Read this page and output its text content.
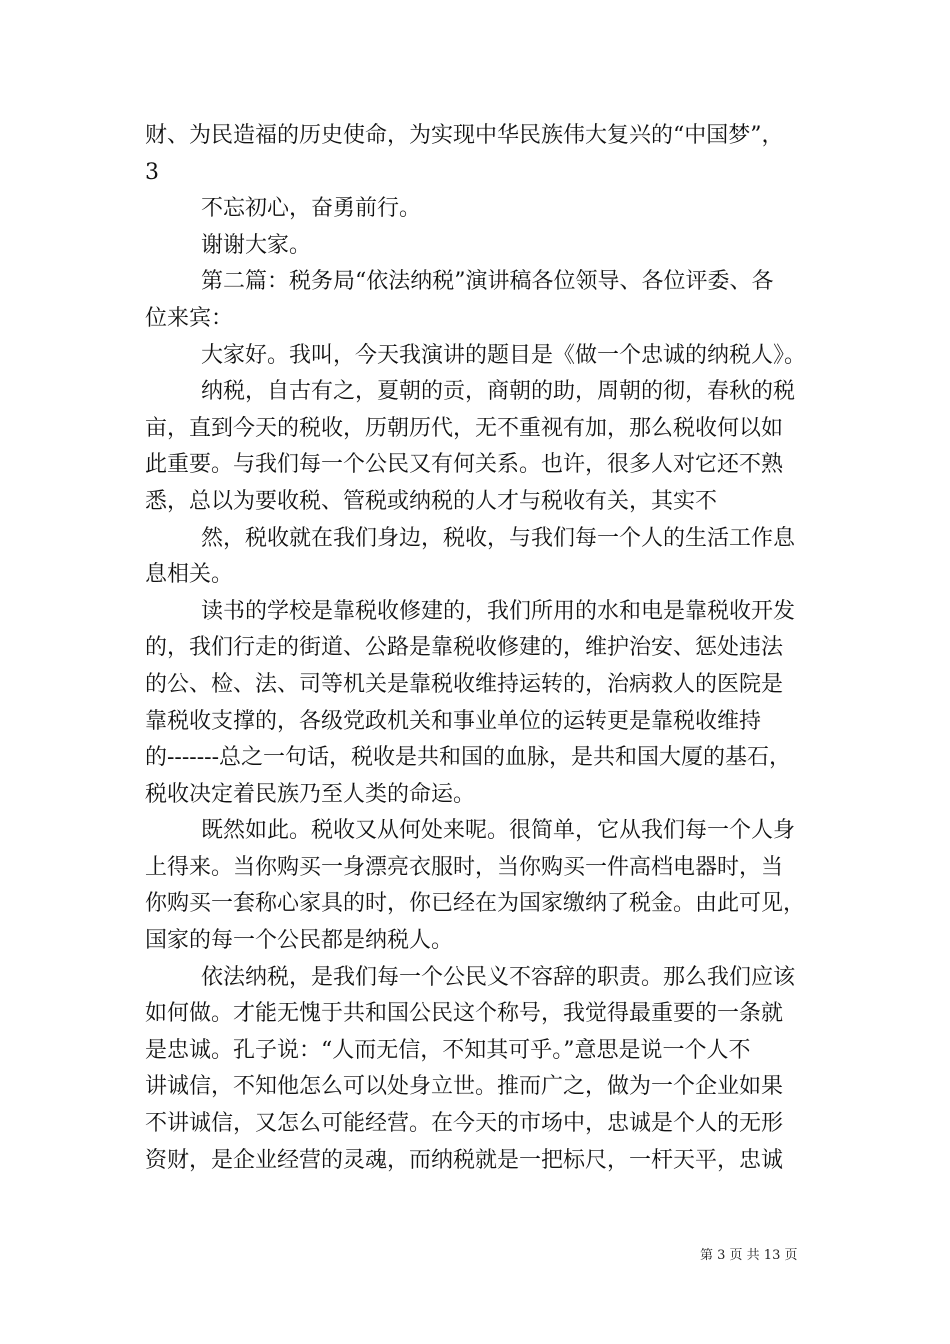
财、为民造福的历史使命，为实现中华民族伟大复兴的“中国梦”，
3
不忘初心，奋勇前行。
谢谢大家。
第二篇：税务局“依法纳税”演讲稿各位领导、各位评委、各
位来宾：
大家好。我叫，今天我演讲的题目是《做一个忠诚的纳税人》。
纳税，自古有之，夏朝的贡，商朝的助，周朝的彻，春秋的税
亩，直到今天的税收，历朝历代，无不重视有加，那么税收何以如
此重要。与我们每一个公民又有何关系。也许，很多人对它还不熟
悉，总以为要收税、管税或纳税的人才与税收有关，其实不
然，税收就在我们身边，税收，与我们每一个人的生活工作息
息相关。
读书的学校是靠税收修建的，我们所用的水和电是靠税收开发
的，我们行走的街道、公路是靠税收修建的，维护治安、惩处违法
的公、检、法、司等机关是靠税收维持运转的，治病救人的医院是
靠税收支撑的，各级党政机关和事业单位的运转更是靠税收维持
的-------总之一句话，税收是共和国的血脉，是共和国大厦的基石，
税收决定着民族乃至人类的命运。
既然如此。税收又从何处来呢。很简单，它从我们每一个人身
上得来。当你购买一身漂亮衣服时，当你购买一件高档电器时，当
你购买一套称心家具的时，你已经在为国家缴纳了税金。由此可见，
国家的每一个公民都是纳税人。
依法纳税，是我们每一个公民义不容辞的职责。那么我们应该
如何做。才能无愧于共和国公民这个称号，我觉得最重要的一条就
是忠诚。孔子说：“人而无信，不知其可乎。”意思是说一个人不
讲诚信，不知他怎么可以处身立世。推而广之，做为一个企业如果
不讲诚信，又怎么可能经营。在今天的市场中，忠诚是个人的无形
资财，是企业经营的灵魂，而纳税就是一把标尺，一杆天平，忠诚
第 3 页 共 13 页
